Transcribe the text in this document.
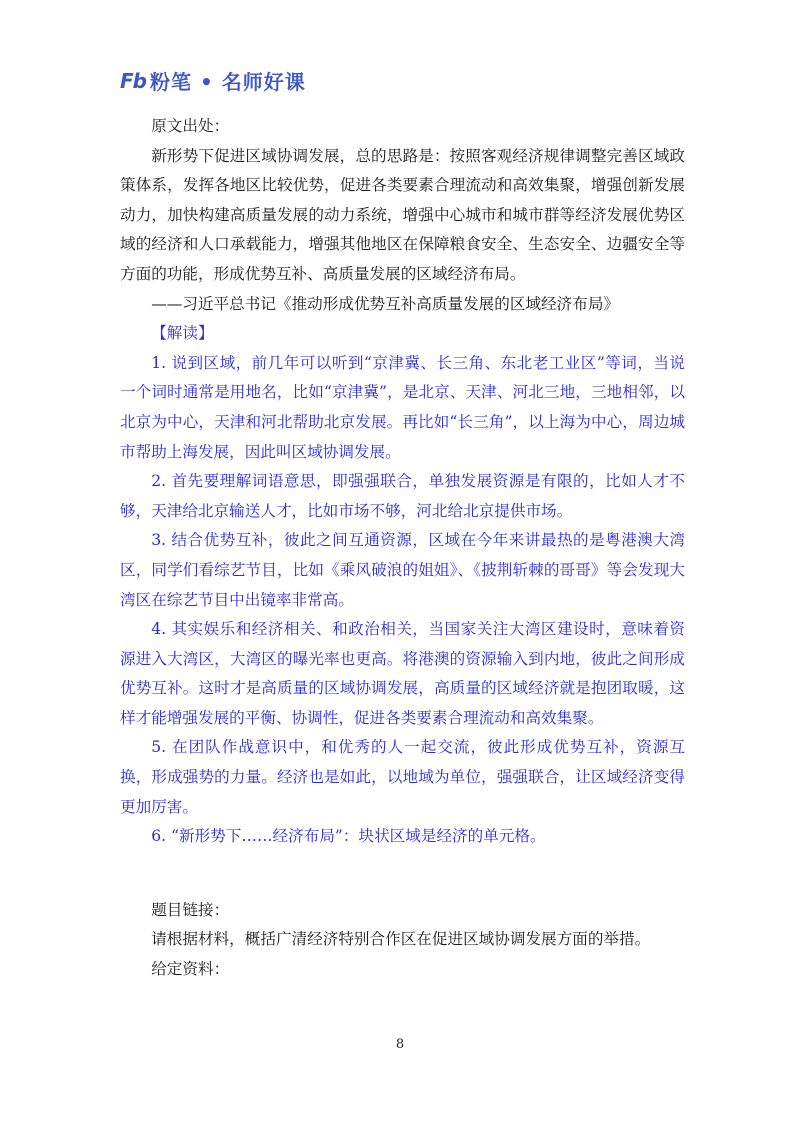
Fb 粉笔 • 名师好课

原文出处：

新形势下促进区域协调发展，总的思路是：按照客观经济规律调整完善区域政策体系，发挥各地区比较优势，促进各类要素合理流动和高效集聚，增强创新发展动力，加快构建高质量发展的动力系统，增强中心城市和城市群等经济发展优势区域的经济和人口承载能力，增强其他地区在保障粮食安全、生态安全、边疆安全等方面的功能，形成优势互补、高质量发展的区域经济布局。

——习近平总书记《推动形成优势互补高质量发展的区域经济布局》

【解读】

1. 说到区域，前几年可以听到“京津冀、长三角、东北老工业区”等词，当说一个词时通常是用地名，比如“京津冀”，是北京、天津、河北三地，三地相邻，以北京为中心，天津和河北帮助北京发展。再比如“长三角”，以上海为中心，周边城市帮助上海发展，因此叫区域协调发展。

2. 首先要理解词语意思，即强强联合，单独发展资源是有限的，比如人才不够，天津给北京输送人才，比如市场不够，河北给北京提供市场。

3. 结合优势互补，彼此之间互通资源，区域在今年来讲最热的是粤港澳大湾区，同学们看综艺节目，比如《乘风破浪的姐姐》、《披荆斩棘的哥哥》等会发现大湾区在综艺节目中出镜率非常高。

4. 其实娱乐和经济相关、和政治相关，当国家关注大湾区建设时，意味着资源进入大湾区，大湾区的曝光率也更高。将港澳的资源输入到内地，彼此之间形成优势互补。这时才是高质量的区域协调发展，高质量的区域经济就是抱团取暖，这样才能增强发展的平衡、协调性，促进各类要素合理流动和高效集聚。

5. 在团队作战意识中，和优秀的人一起交流，彼此形成优势互补，资源互换，形成强势的力量。经济也是如此，以地域为单位，强强联合，让区域经济变得更加厉害。

6. “新形势下……经济布局”：块状区域是经济的单元格。

题目链接：

请根据材料，概括广清经济特别合作区在促进区域协调发展方面的举措。

给定资料：

8
